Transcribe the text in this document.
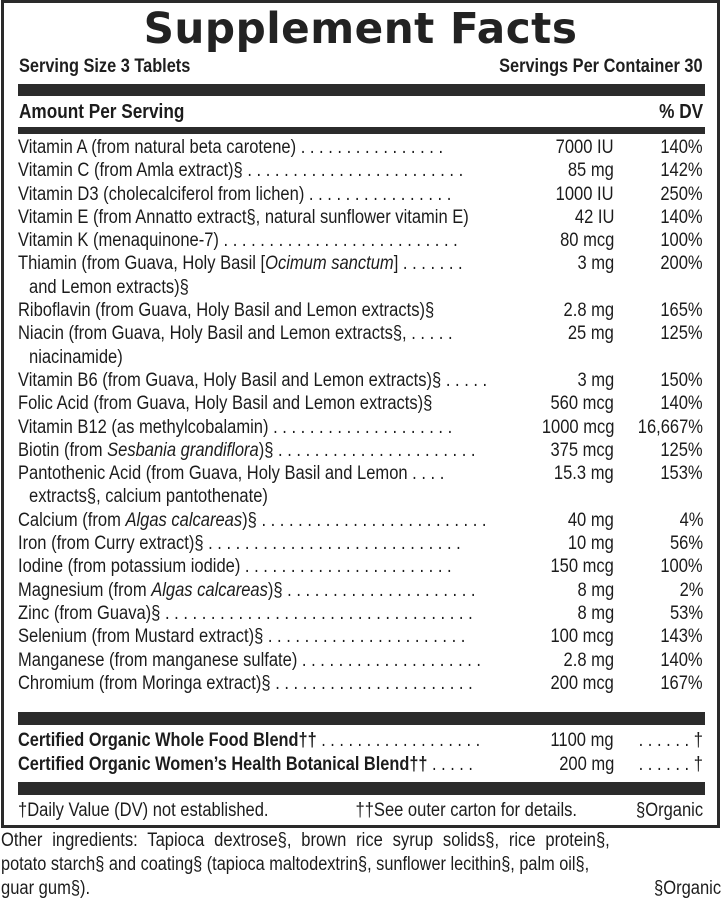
Supplement Facts
Serving Size 3 Tablets	Servings Per Container 30
Amount Per Serving	% DV
Vitamin A (from natural beta carotene) . . . . . . . . . . . . . . . .	7000 IU 140%
Vitamin C (from Amla extract)§ . . . . . . . . . . . . . . . . . . . . . . . .	85 mg 142%
Vitamin D3 (cholecalciferol from lichen) . . . . . . . . . . . . . . . .	1000 IU 250%
Vitamin E (from Annatto extract§, natural sunflower vitamin E)	42 IU 140%
Vitamin K (menaquinone-7) . . . . . . . . . . . . . . . . . . . . . . . . . .	80 mcg 100%
Thiamin (from Guava, Holy Basil [Ocimum sanctum] . . . . . . .	3 mg 200%
and Lemon extracts)§
Riboflavin (from Guava, Holy Basil and Lemon extracts)§	2.8 mg 165%
Niacin (from Guava, Holy Basil and Lemon extracts§, . . . . .	25 mg 125%
niacinamide)
Vitamin B6 (from Guava, Holy Basil and Lemon extracts)§ . . . . .	3 mg 150%
Folic Acid (from Guava, Holy Basil and Lemon extracts)§	560 mcg 140%
Vitamin B12 (as methylcobalamin) . . . . . . . . . . . . . . . . . . . .	1000 mcg 16,667%
Biotin (from Sesbania grandiflora)§ . . . . . . . . . . . . . . . . . . . . . .	375 mcg 125%
Pantothenic Acid (from Guava, Holy Basil and Lemon . . . .	15.3 mg 153%
extracts§, calcium pantothenate)
Calcium (from Algas calcareas)§ . . . . . . . . . . . . . . . . . . . . . . . . .	40 mg	4%
Iron (from Curry extract)§ . . . . . . . . . . . . . . . . . . . . . . . . . . . .	10 mg	56%
Iodine (from potassium iodide) . . . . . . . . . . . . . . . . . . . . . . .	150 mcg 100%
Magnesium (from Algas calcareas)§ . . . . . . . . . . . . . . . . . . . . .	8 mg	2%
Zinc (from Guava)§ . . . . . . . . . . . . . . . . . . . . . . . . . . . . . . . . . .	8 mg	53%
Selenium (from Mustard extract)§ . . . . . . . . . . . . . . . . . . . . . .	100 mcg 143%
Manganese (from manganese sulfate) . . . . . . . . . . . . . . . . . . . .	2.8 mg 140%
Chromium (from Moringa extract)§ . . . . . . . . . . . . . . . . . . . . . .	200 mcg 167%
Certified Organic Whole Food Blend†† . . . . . . . . . . . . . . . . . .	1100 mg . . . . . . †
Certified Organic Women’s Health Botanical Blend†† . . . . .	200 mg . . . . . . †
†Daily Value (DV) not established.	††See outer carton for details.	§Organic
Other ingredients: Tapioca dextrose§, brown rice syrup solids§, rice protein§,
potato starch§ and coating§ (tapioca maltodextrin§, sunflower lecithin§, palm oil§,
guar gum§).	§Organic
